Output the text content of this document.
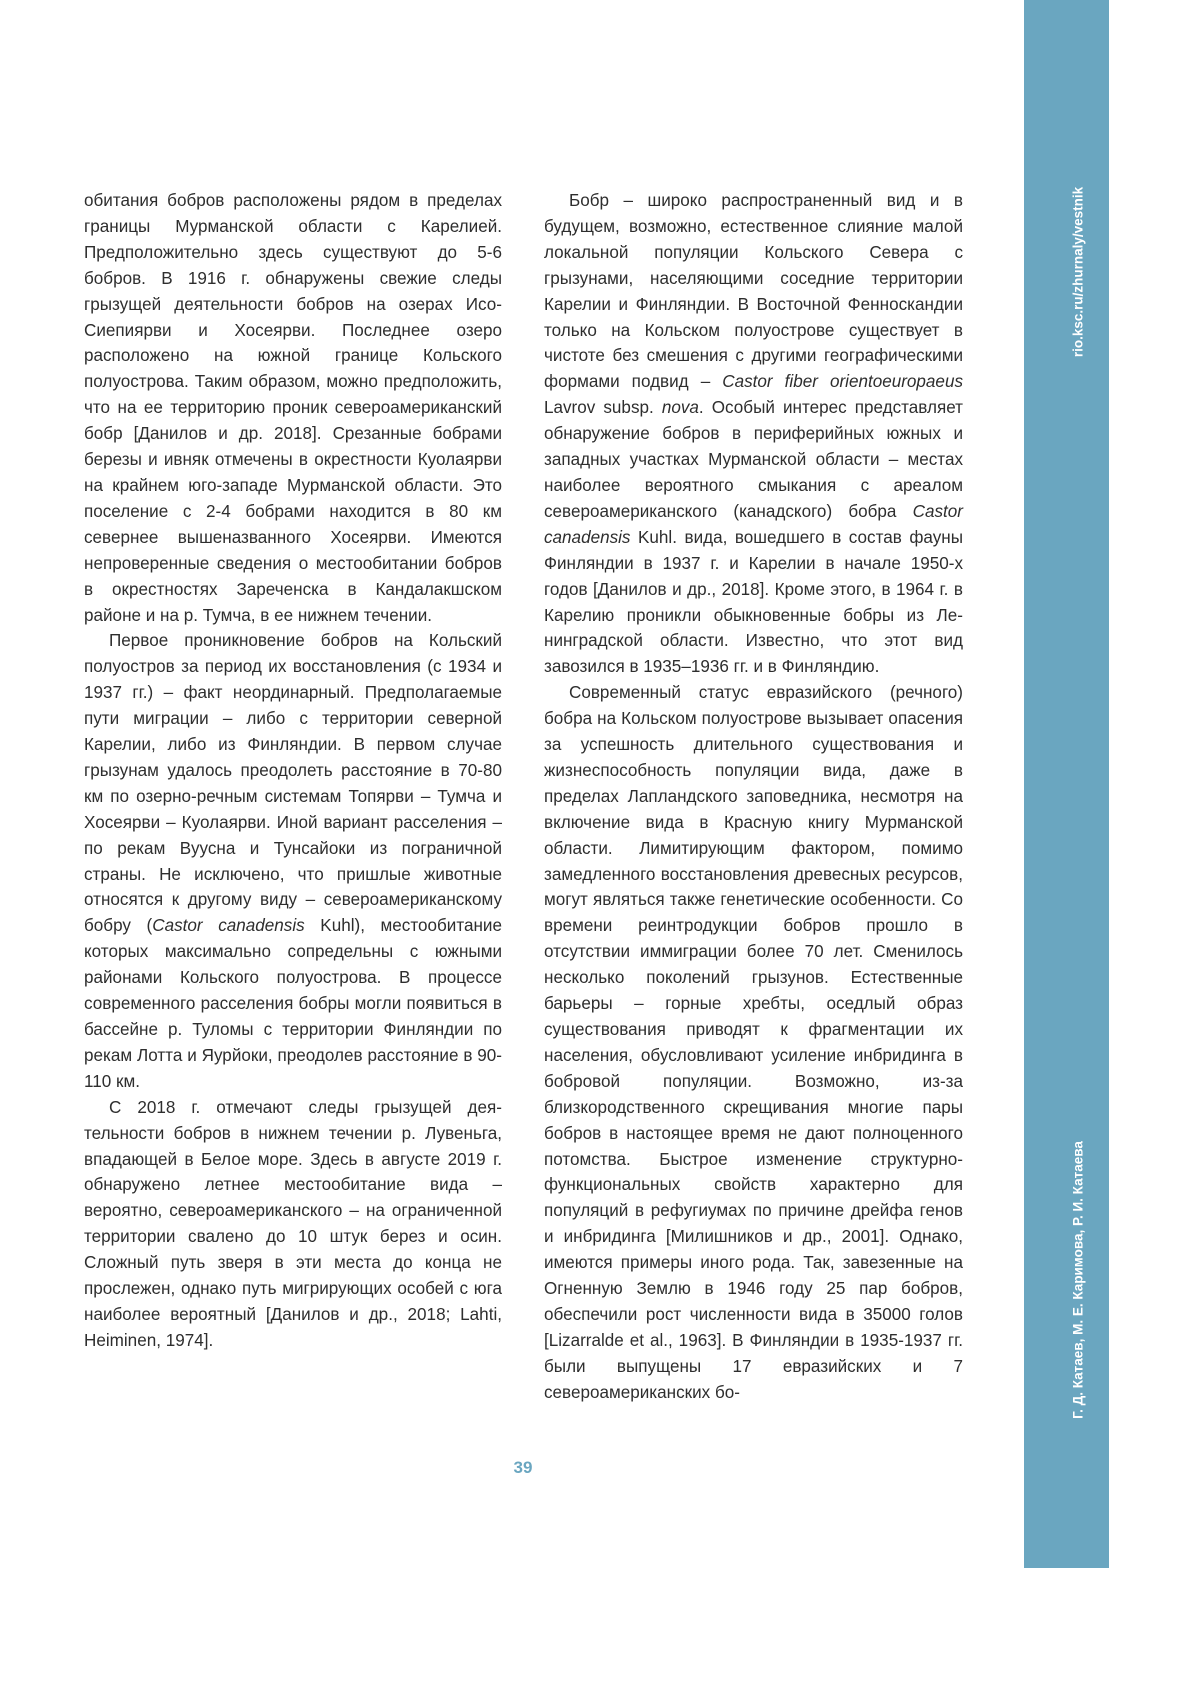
rio.ksc.ru/zhurnaly/vestnik
Г. Д. Катаев, М. Е. Каримова, Р. И. Катаева

обитания бобров расположены рядом в пределах границы Мурманской области с Карелией. Предположительно здесь существуют до 5-6 бобров. В 1916 г. обнаружены свежие следы грызущей деятельности бобров на озерах Исо-Сиепиярви и Хосеярви. Последнее озеро расположено на южной границе Кольского полуострова. Таким образом, можно предположить, что на ее территорию проник североамериканский бобр [Данилов и др. 2018]. Срезанные бобрами березы и ивняк отмечены в окрестности Куолаярви на крайнем юго-западе Мурманской области. Это поселение с 2-4 бобрами находится в 80 км севернее вышеназванного Хосеярви. Имеются непроверенные сведения о местообитании бобров в окрестностях Зареченска в Кандалакшском районе и на р. Тумча, в ее нижнем течении.

Первое проникновение бобров на Кольский полуостров за период их восстановления (с 1934 и 1937 гг.) – факт неординарный. Предполагаемые пути миграции – либо с территории северной Карелии, либо из Финляндии. В первом случае грызунам удалось преодолеть расстояние в 70-80 км по озерно-речным системам Топярви – Тумча и Хосеярви – Куолаярви. Иной вариант расселения – по рекам Вуусна и Тунсайоки из пограничной страны. Не исключено, что пришлые животные относятся к другому виду – североамериканскому бобру (Castor canadensis Kuhl), местообитание которых максимально сопредельны с южными районами Кольского полуострова. В процессе современного расселения бобры могли появиться в бассейне р. Туломы с территории Финляндии по рекам Лотта и Яурйоки, преодолев расстояние в 90-110 км.

С 2018 г. отмечают следы грызущей деятельности бобров в нижнем течении р. Лувеньга, впадающей в Белое море. Здесь в августе 2019 г. обнаружено летнее местообитание вида – вероятно, североамериканского – на ограниченной территории свалено до 10 штук берез и осин. Сложный путь зверя в эти места до конца не прослежен, однако путь мигрирующих особей с юга наиболее вероятный [Данилов и др., 2018; Lahti, Heiminen, 1974].

Бобр – широко распространенный вид и в будущем, возможно, естественное слияние малой локальной популяции Кольского Севера с грызунами, населяющими соседние территории Карелии и Финляндии. В Восточной Фенноскандии только на Кольском полуострове существует в чистоте без смешения с другими географическими формами подвид – Castor fiber orientoeuropaeus Lavrov subsp. nova. Особый интерес представляет обнаружение бобров в периферийных южных и западных участках Мурманской области – местах наиболее вероятного смыкания с ареалом североамериканского (канадского) бобра Castor canadensis Kuhl. вида, вошедшего в состав фауны Финляндии в 1937 г. и Карелии в начале 1950-х годов [Данилов и др., 2018]. Кроме этого, в 1964 г. в Карелию проникли обыкновенные бобры из Ленинградской области. Известно, что этот вид завозился в 1935–1936 гг. и в Финляндию.

Современный статус евразийского (речного) бобра на Кольском полуострове вызывает опасения за успешность длительного существования и жизнеспособность популяции вида, даже в пределах Лапландского заповедника, несмотря на включение вида в Красную книгу Мурманской области. Лимитирующим фактором, помимо замедленного восстановления древесных ресурсов, могут являться также генетические особенности. Со времени реинтродукции бобров прошло в отсутствии иммиграции более 70 лет. Сменилось несколько поколений грызунов. Естественные барьеры – горные хребты, оседлый образ существования приводят к фрагментации их населения, обусловливают усиление инбридинга в бобровой популяции. Возможно, из-за близкородственного скрещивания многие пары бобров в настоящее время не дают полноценного потомства. Быстрое изменение структурно-функциональных свойств характерно для популяций в рефугиумах по причине дрейфа генов и инбридинга [Милишников и др., 2001]. Однако, имеются примеры иного рода. Так, завезенные на Огненную Землю в 1946 году 25 пар бобров, обеспечили рост численности вида в 35000 голов [Lizarralde et al., 1963]. В Финляндии в 1935-1937 гг. были выпущены 17 евразийских и 7 североамериканских бо-

39
